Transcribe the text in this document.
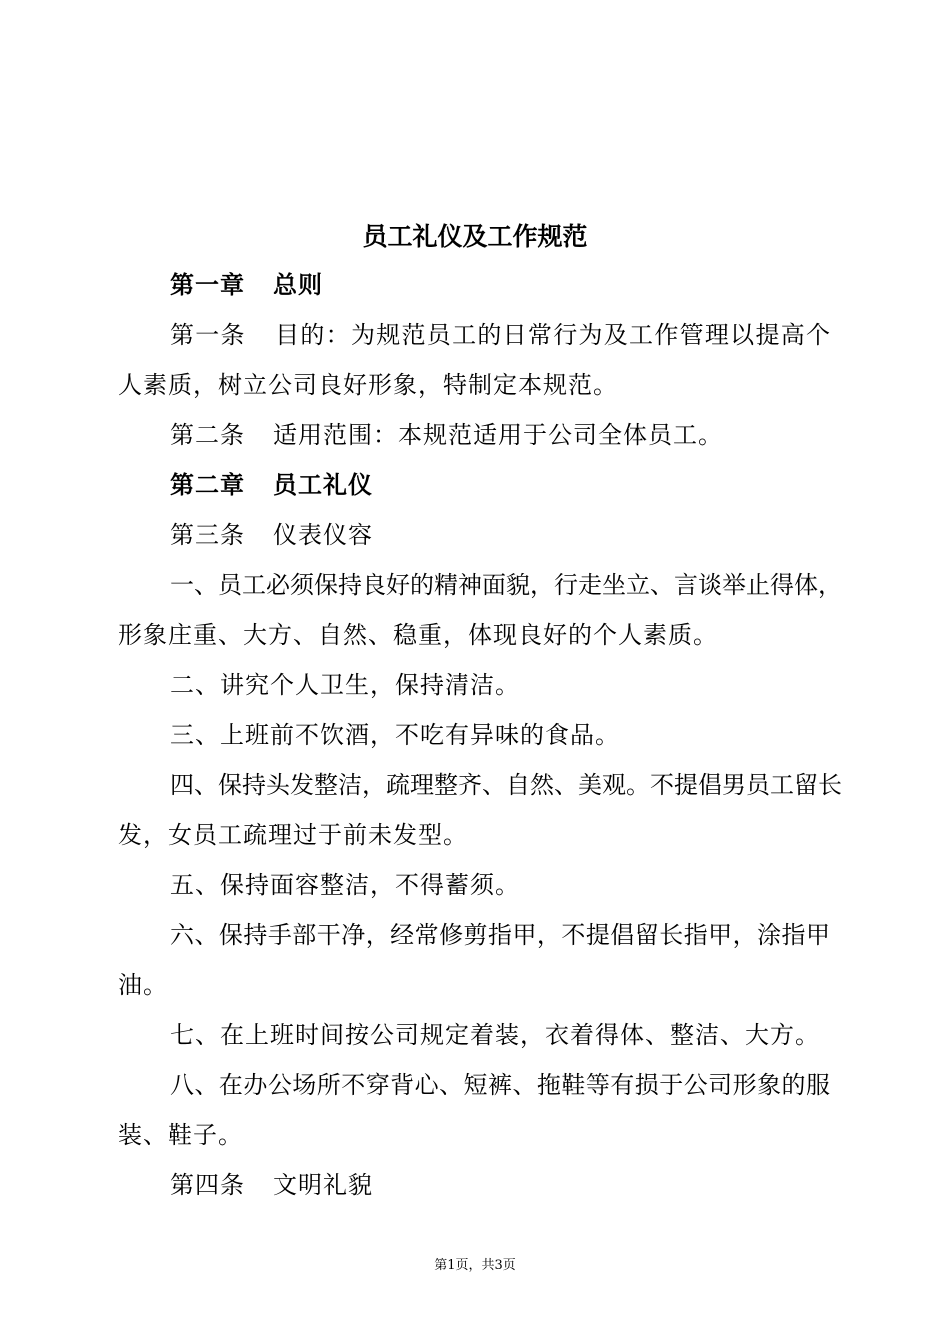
员工礼仪及工作规范
第一章 总则
第一条 目的：为规范员工的日常行为及工作管理以提高个
人素质，树立公司良好形象，特制定本规范。
第二条 适用范围：本规范适用于公司全体员工。
第二章 员工礼仪
第三条 仪表仪容
一、员工必须保持良好的精神面貌，行走坐立、言谈举止得体，
形象庄重、大方、自然、稳重，体现良好的个人素质。
二、讲究个人卫生，保持清洁。
三、上班前不饮酒，不吃有异味的食品。
四、保持头发整洁，疏理整齐、自然、美观。不提倡男员工留长
发，女员工疏理过于前未发型。
五、保持面容整洁，不得蓄须。
六、保持手部干净，经常修剪指甲，不提倡留长指甲，涂指甲
油。
七、在上班时间按公司规定着装，衣着得体、整洁、大方。
八、在办公场所不穿背心、短裤、拖鞋等有损于公司形象的服
装、鞋子。
第四条 文明礼貌
第1页，共3页
